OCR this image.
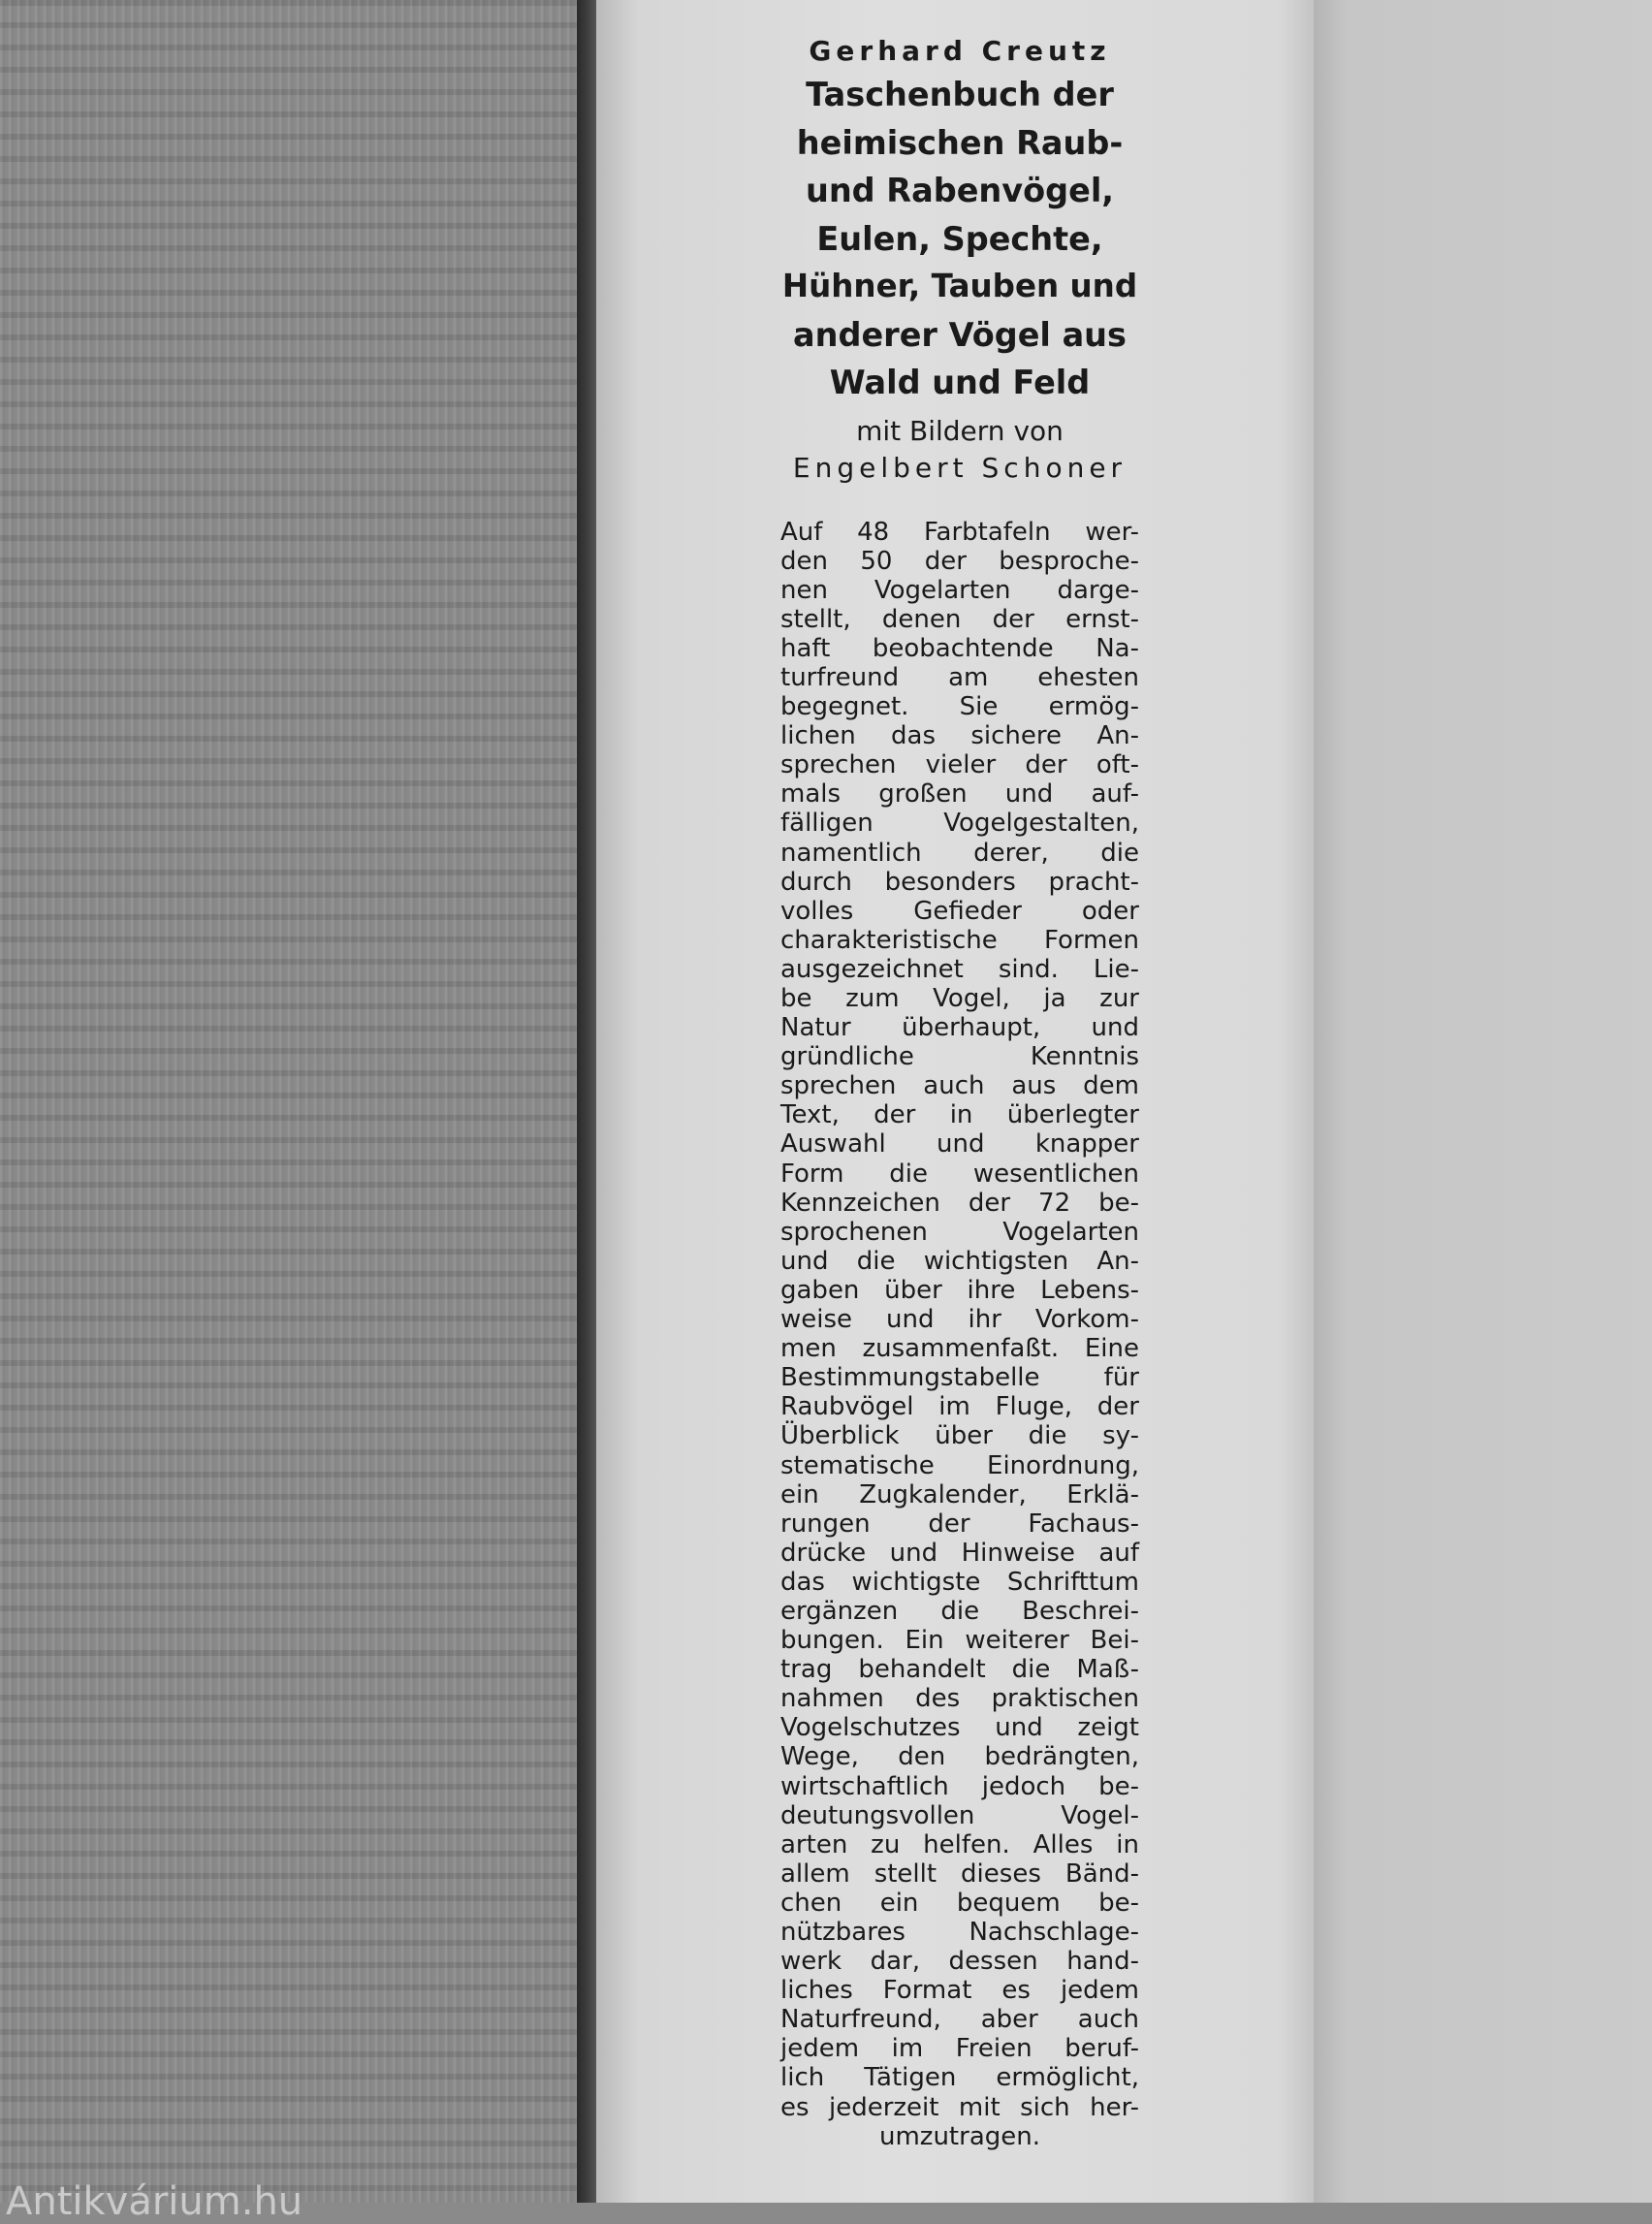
Gerhard Creutz
Taschenbuch der
heimischen Raub-
und Rabenvögel,
Eulen, Spechte,
Hühner, Tauben und
anderer Vögel aus
Wald und Feld
mit Bildern von
Engelbert Schoner
Auf 48 Farbtafeln wer-
den 50 der besproche-
nen Vogelarten darge-
stellt, denen der ernst-
haft beobachtende Na-
turfreund am ehesten
begegnet. Sie ermög-
lichen das sichere An-
sprechen vieler der oft-
mals großen und auf-
fälligen Vogelgestalten,
namentlich derer, die
durch besonders pracht-
volles Gefieder oder
charakteristische Formen
ausgezeichnet sind. Lie-
be zum Vogel, ja zur
Natur überhaupt, und
gründliche Kenntnis
sprechen auch aus dem
Text, der in überlegter
Auswahl und knapper
Form die wesentlichen
Kennzeichen der 72 be-
sprochenen Vogelarten
und die wichtigsten An-
gaben über ihre Lebens-
weise und ihr Vorkom-
men zusammenfaßt. Eine
Bestimmungstabelle für
Raubvögel im Fluge, der
Überblick über die sy-
stematische Einordnung,
ein Zugkalender, Erklä-
rungen der Fachaus-
drücke und Hinweise auf
das wichtigste Schrifttum
ergänzen die Beschrei-
bungen. Ein weiterer Bei-
trag behandelt die Maß-
nahmen des praktischen
Vogelschutzes und zeigt
Wege, den bedrängten,
wirtschaftlich jedoch be-
deutungsvollen Vogel-
arten zu helfen. Alles in
allem stellt dieses Bänd-
chen ein bequem be-
nützbares Nachschlage-
werk dar, dessen hand-
liches Format es jedem
Naturfreund, aber auch
jedem im Freien beruf-
lich Tätigen ermöglicht,
es jederzeit mit sich her-
umzutragen.
Antikvárium.hu
